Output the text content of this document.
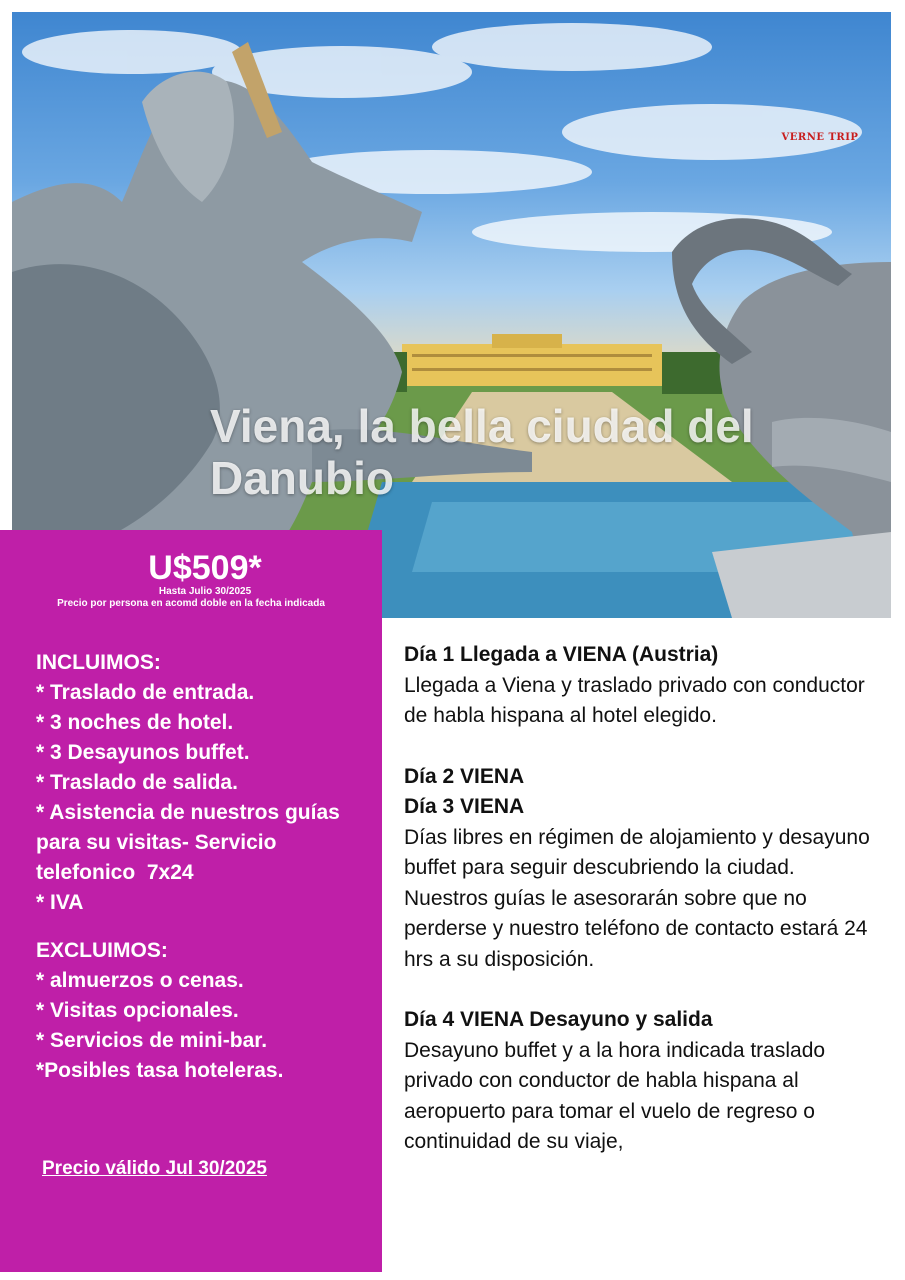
VERNE TRIP
Viena, la bella ciudad del Danubio
U$509*
Hasta Julio 30/2025
Precio por persona en acomd doble en la fecha indicada
INCLUIMOS:
* Traslado de entrada.
* 3 noches de hotel.
* 3 Desayunos buffet.
* Traslado de salida.
* Asistencia de nuestros guías para su visitas- Servicio telefonico  7x24
* IVA
EXCLUIMOS:
* almuerzos o cenas.
* Visitas opcionales.
* Servicios de mini-bar.
*Posibles tasa hoteleras.
Precio válido Jul 30/2025

Día 1 Llegada a VIENA (Austria)

Llegada a Viena y traslado privado con conductor de habla hispana al hotel elegido.

Día 2 VIENA

Día 3 VIENA

Días libres en régimen de alojamiento y desayuno buffet para seguir descubriendo la ciudad. Nuestros guías le asesorarán sobre que no perderse y nuestro teléfono de contacto estará 24 hrs a su disposición.

Día 4 VIENA Desayuno y salida

Desayuno buffet y a la hora indicada traslado privado con conductor de habla hispana al aeropuerto para tomar el vuelo de regreso o continuidad de su viaje,
